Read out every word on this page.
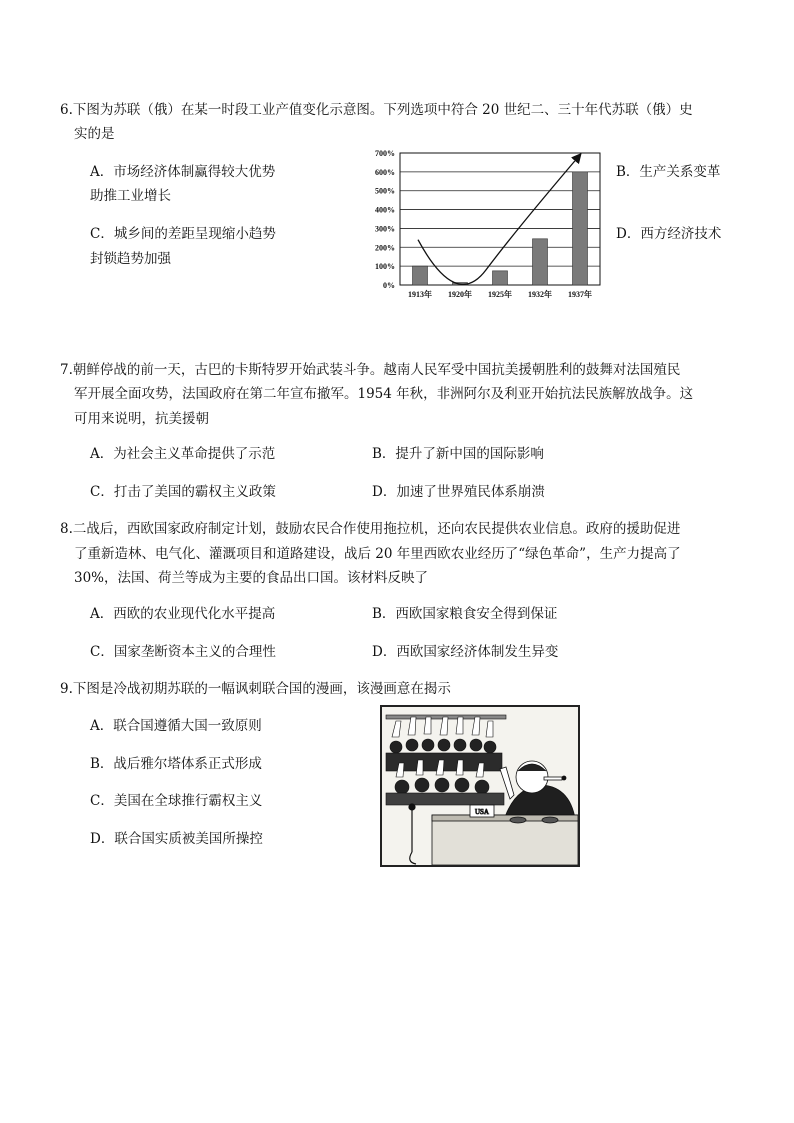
6.下图为苏联（俄）在某一时段工业产值变化示意图。下列选项中符合 20 世纪二、三十年代苏联（俄）史
实的是
A．市场经济体制赢得较大优势
助推工业增长
C．城乡间的差距呈现缩小趋势
封锁趋势加强
B．生产关系变革
D．西方经济技术
0%
100%
200%
300%
400%
500%
600%
700%
1913年 1920年 1925年 1932年 1937年
7.朝鲜停战的前一天，古巴的卡斯特罗开始武装斗争。越南人民军受中国抗美援朝胜利的鼓舞对法国殖民
军开展全面攻势，法国政府在第二年宣布撤军。1954 年秋，非洲阿尔及利亚开始抗法民族解放战争。这
可用来说明，抗美援朝
A．为社会主义革命提供了示范	B．提升了新中国的国际影响
C．打击了美国的霸权主义政策	D．加速了世界殖民体系崩溃
8.二战后，西欧国家政府制定计划，鼓励农民合作使用拖拉机，还向农民提供农业信息。政府的援助促进
了重新造林、电气化、灌溉项目和道路建设，战后 20 年里西欧农业经历了“绿色革命”，生产力提高了
30%，法国、荷兰等成为主要的食品出口国。该材料反映了
A．西欧的农业现代化水平提高	B．西欧国家粮食安全得到保证
C．国家垄断资本主义的合理性	D．西欧国家经济体制发生异变
9.下图是冷战初期苏联的一幅讽刺联合国的漫画，该漫画意在揭示
A．联合国遵循大国一致原则
B．战后雅尔塔体系正式形成
C．美国在全球推行霸权主义
D．联合国实质被美国所操控
USA
